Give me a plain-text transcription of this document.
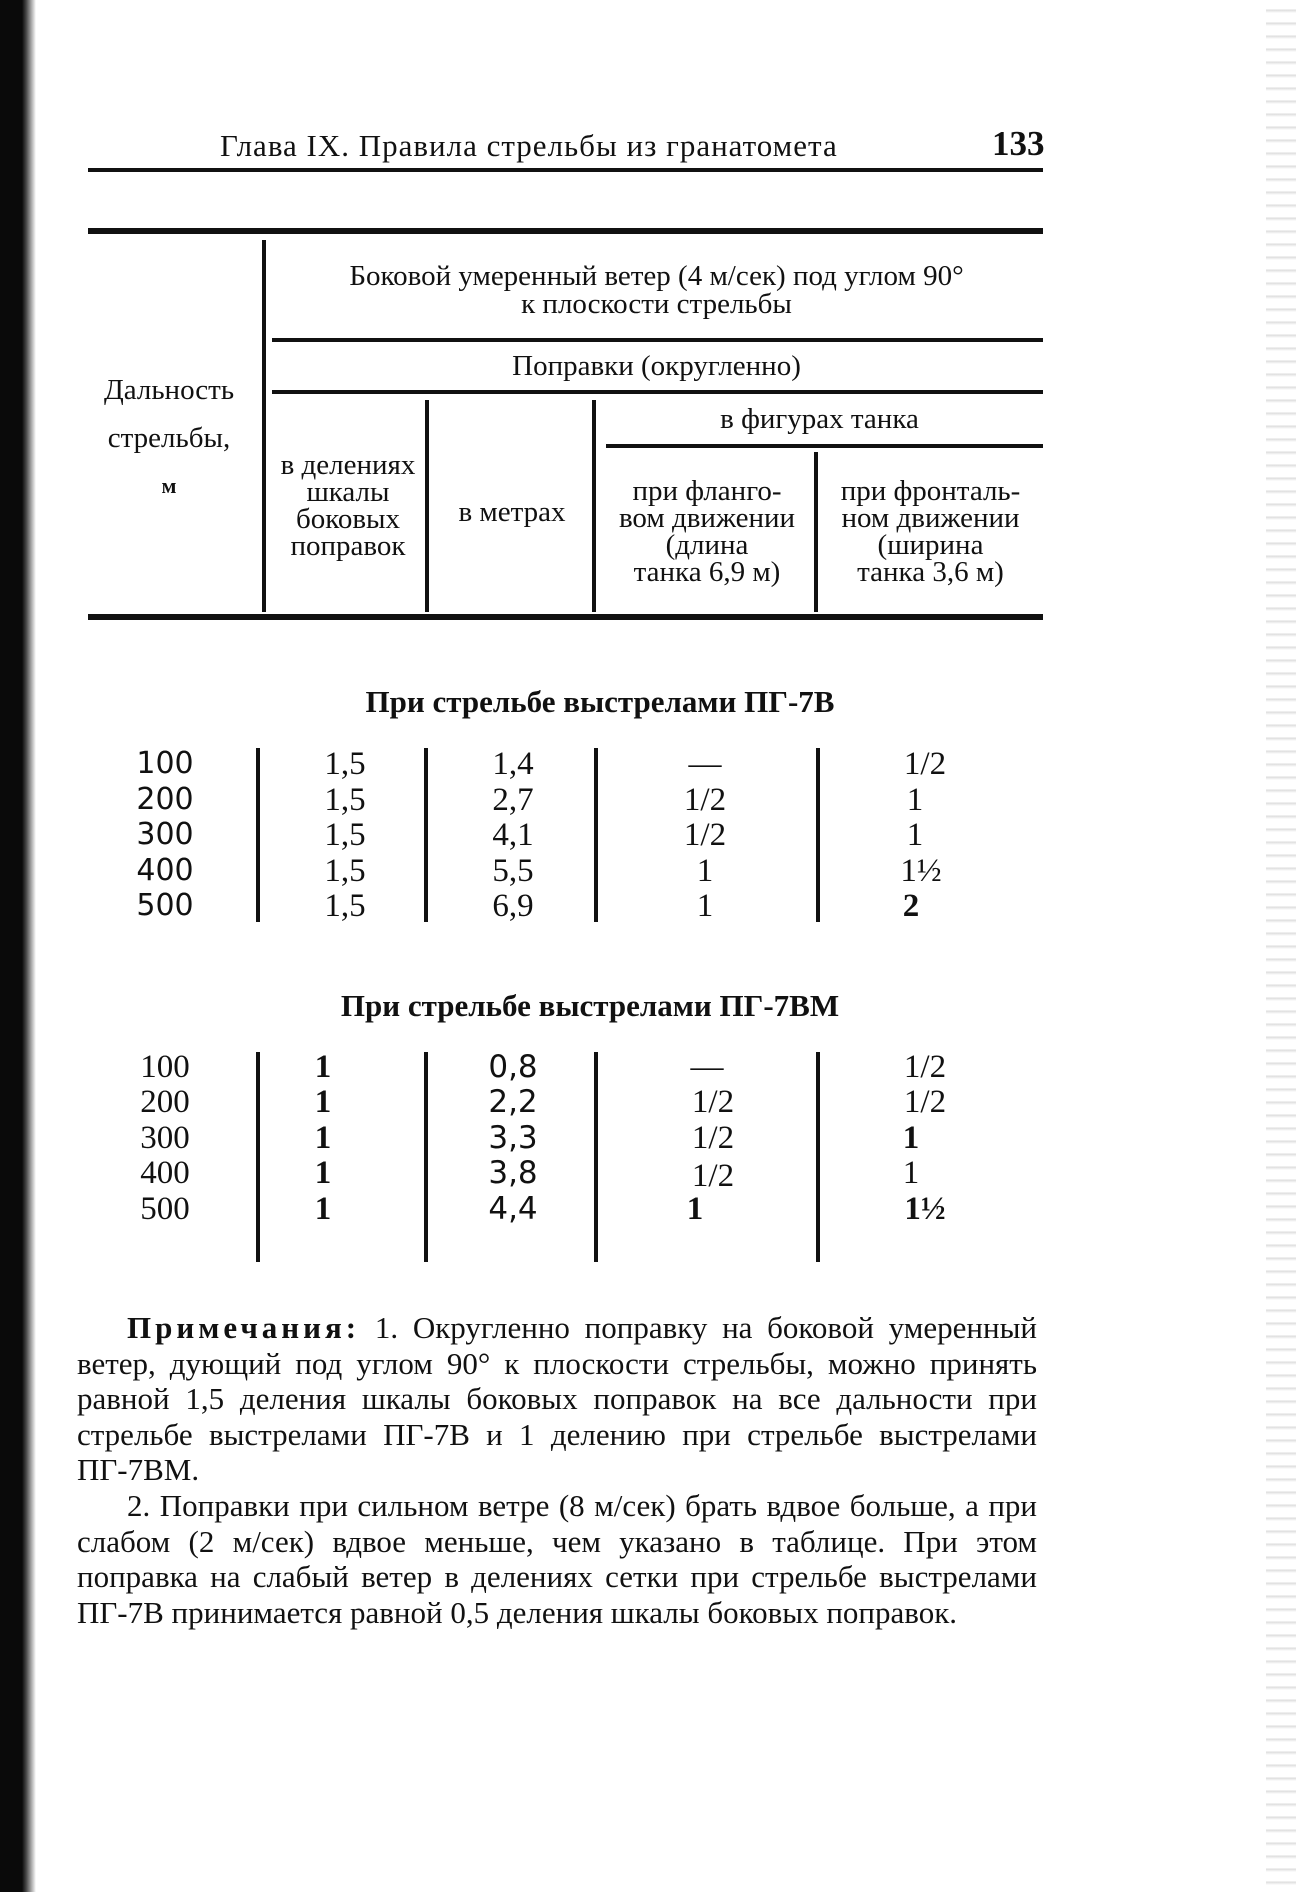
Глава IX. Правила стрельбы из гранатомета	133
Дальность
стрельбы,
м
Боковой умеренный ветер (4 м/сек) под углом 90°
к плоскости стрельбы
Поправки (округленно)
в делениях
шкалы
боковых
поправок
в метрах
в фигурах танка
при фланго-
вом движении
(длина
танка 6,9 м)
при фронталь-
ном движении
(ширина
танка 3,6 м)
При стрельбе выстрелами ПГ-7В
100
200
300
400
500
1,5
1,5
1,5
1,5
1,5
1,4
2,7
4,1
5,5
6,9
—
1/2
1/2
1
1
1/2
1
1
1½
2
При стрельбе выстрелами ПГ-7ВМ
100
200
300
400
500
1
1
1
1
1
0,8
2,2
3,3
3,8
4,4
—
1/2
1/2
1/2
1
1/2
1/2
1
1
1½

Примечания: 1. Округленно поправку на боковой умеренный ветер, дующий под углом 90° к плоскости стрельбы, можно принять равной 1,5 деления шкалы боковых поправок на все дальности при стрельбе выстрелами ПГ-7В и 1 делению при стрельбе выстрелами ПГ-7ВМ.

2. Поправки при сильном ветре (8 м/сек) брать вдвое больше, а при слабом (2 м/сек) вдвое меньше, чем указано в таблице. При этом поправка на слабый ветер в делениях сетки при стрельбе выстрелами ПГ-7В принимается равной 0,5 деления шкалы боковых поправок.
